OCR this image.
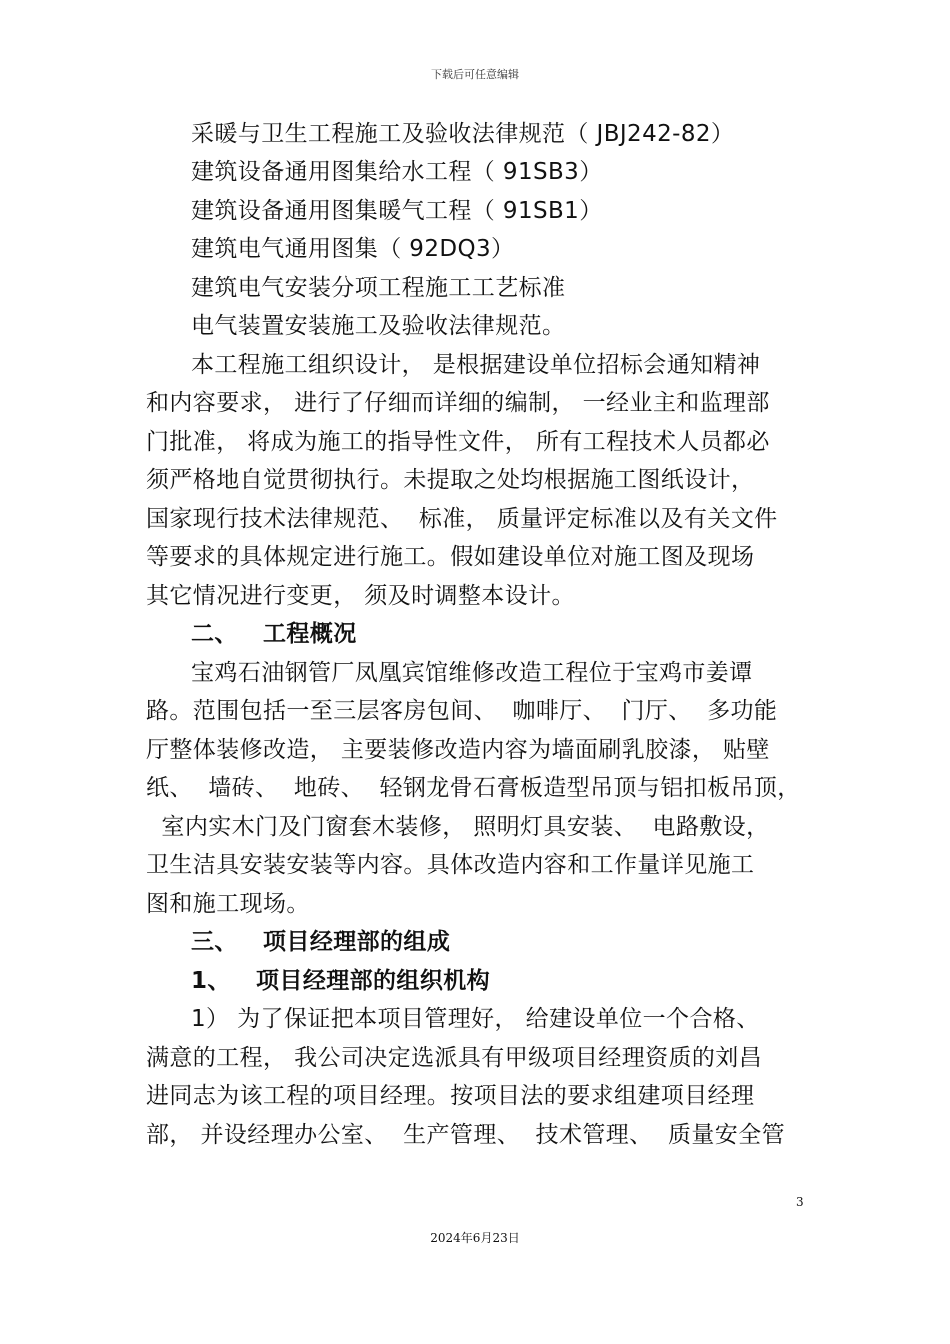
下载后可任意编辑
采暖与卫生工程施工及验收法律规范（ JBJ242-82）
建筑设备通用图集给水工程（ 91SB3）
建筑设备通用图集暖气工程（ 91SB1）
建筑电气通用图集（ 92DQ3）
建筑电气安装分项工程施工工艺标准
电气装置安装施工及验收法律规范。
本工程施工组织设计， 是根据建设单位招标会通知精神
和内容要求， 进行了仔细而详细的编制， 一经业主和监理部
门批准， 将成为施工的指导性文件， 所有工程技术人员都必
须严格地自觉贯彻执行。未提取之处均根据施工图纸设计，
国家现行技术法律规范、  标准， 质量评定标准以及有关文件
等要求的具体规定进行施工。假如建设单位对施工图及现场
其它情况进行变更， 须及时调整本设计。
二、   工程概况
宝鸡石油钢管厂凤凰宾馆维修改造工程位于宝鸡市姜谭
路。范围包括一至三层客房包间、  咖啡厅、  门厅、  多功能
厅整体装修改造， 主要装修改造内容为墙面刷乳胶漆， 贴壁
纸、  墙砖、  地砖、  轻钢龙骨石膏板造型吊顶与铝扣板吊顶，
室内实木门及门窗套木装修， 照明灯具安装、  电路敷设，
卫生洁具安装安装等内容。具体改造内容和工作量详见施工
图和施工现场。
三、   项目经理部的组成
1、   项目经理部的组织机构
1） 为了保证把本项目管理好， 给建设单位一个合格、
满意的工程， 我公司决定选派具有甲级项目经理资质的刘昌
进同志为该工程的项目经理。按项目法的要求组建项目经理
部， 并设经理办公室、  生产管理、  技术管理、  质量安全管
3
2024年6月23日
